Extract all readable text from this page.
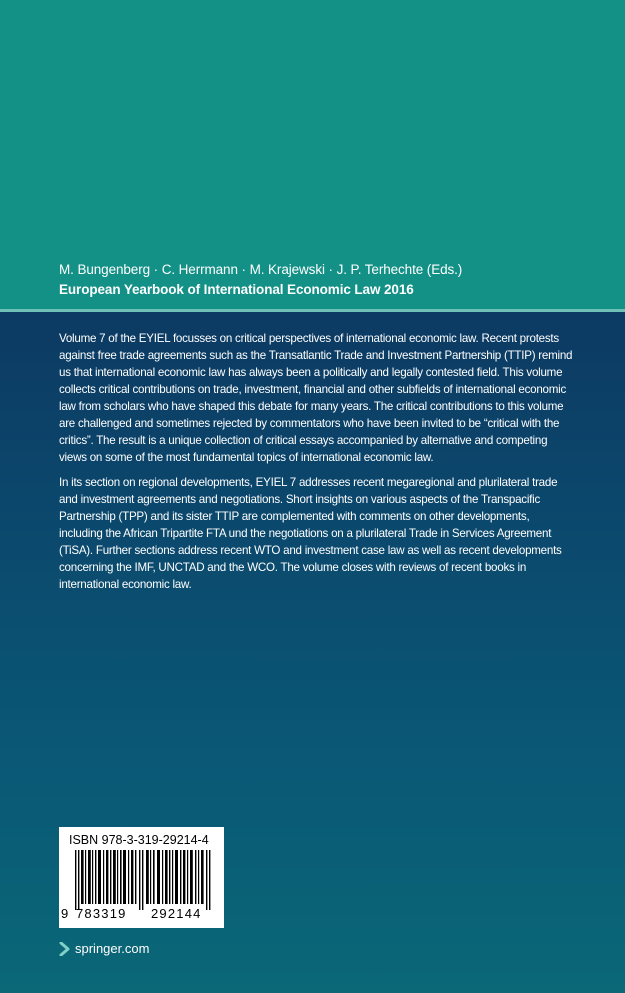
M. Bungenberg · C. Herrmann · M. Krajewski · J. P. Terhechte (Eds.)
European Yearbook of International Economic Law 2016

Volume 7 of the EYIEL focusses on critical perspectives of international economic law. Recent protests against free trade agreements such as the Transatlantic Trade and Investment Partnership (TTIP) remind us that international economic law has always been a politically and legally contested field. This volume collects critical contributions on trade, investment, financial and other subfields of international economic law from scholars who have shaped this debate for many years. The critical contributions to this volume are challenged and sometimes rejected by commentators who have been invited to be “critical with the critics”. The result is a unique collection of critical essays accompanied by alternative and competing views on some of the most fundamental topics of international economic law.

In its section on regional developments, EYIEL 7 addresses recent megaregional and plurilateral trade and investment agreements and negotiations. Short insights on various aspects of the Transpacific Partnership (TPP) and its sister TTIP are complemented with comments on other developments, including the African Tripartite FTA und the negotiations on a plurilateral Trade in Services Agreement (TiSA). Further sections address recent WTO and investment case law as well as recent developments concerning the IMF, UNCTAD and the WCO. The volume closes with reviews of recent books in international economic law.

ISBN 978-3-319-29214-4
9 783319 292144
springer.com
